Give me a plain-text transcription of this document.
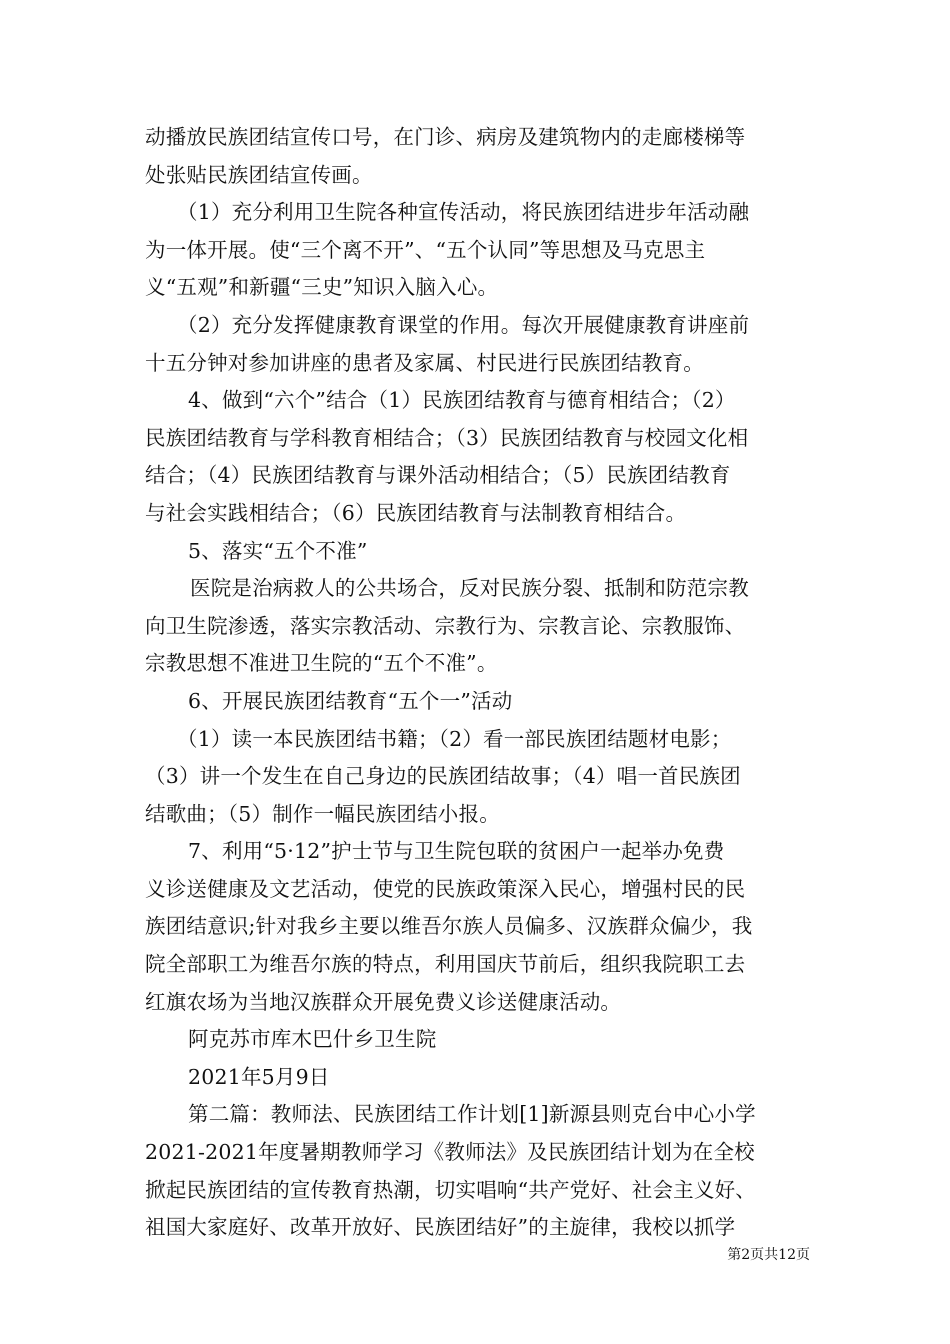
动播放民族团结宣传口号，在门诊、病房及建筑物内的走廊楼梯等
处张贴民族团结宣传画。
（1）充分利用卫生院各种宣传活动，将民族团结进步年活动融
为一体开展。使“三个离不开”、“五个认同”等思想及马克思主
义“五观”和新疆“三史”知识入脑入心。
（2）充分发挥健康教育课堂的作用。每次开展健康教育讲座前
十五分钟对参加讲座的患者及家属、村民进行民族团结教育。
4、做到“六个”结合（1）民族团结教育与德育相结合；（2）
民族团结教育与学科教育相结合；（3）民族团结教育与校园文化相
结合；（4）民族团结教育与课外活动相结合；（5）民族团结教育
与社会实践相结合；（6）民族团结教育与法制教育相结合。
5、落实“五个不准”
医院是治病救人的公共场合，反对民族分裂、抵制和防范宗教
向卫生院渗透，落实宗教活动、宗教行为、宗教言论、宗教服饰、
宗教思想不准进卫生院的“五个不准”。
6、开展民族团结教育“五个一”活动
（1）读一本民族团结书籍；（2）看一部民族团结题材电影；
（3）讲一个发生在自己身边的民族团结故事；（4）唱一首民族团
结歌曲；（5）制作一幅民族团结小报。
7、利用“5·12”护士节与卫生院包联的贫困户一起举办免费
义诊送健康及文艺活动，使党的民族政策深入民心，增强村民的民
族团结意识;针对我乡主要以维吾尔族人员偏多、汉族群众偏少，我
院全部职工为维吾尔族的特点，利用国庆节前后，组织我院职工去
红旗农场为当地汉族群众开展免费义诊送健康活动。
阿克苏市库木巴什乡卫生院
2021年5月9日
第二篇：教师法、民族团结工作计划[1]新源县则克台中心小学
2021-2021年度暑期教师学习《教师法》及民族团结计划为在全校
掀起民族团结的宣传教育热潮，切实唱响“共产党好、社会主义好、
祖国大家庭好、改革开放好、民族团结好”的主旋律，我校以抓学
第2页共12页
